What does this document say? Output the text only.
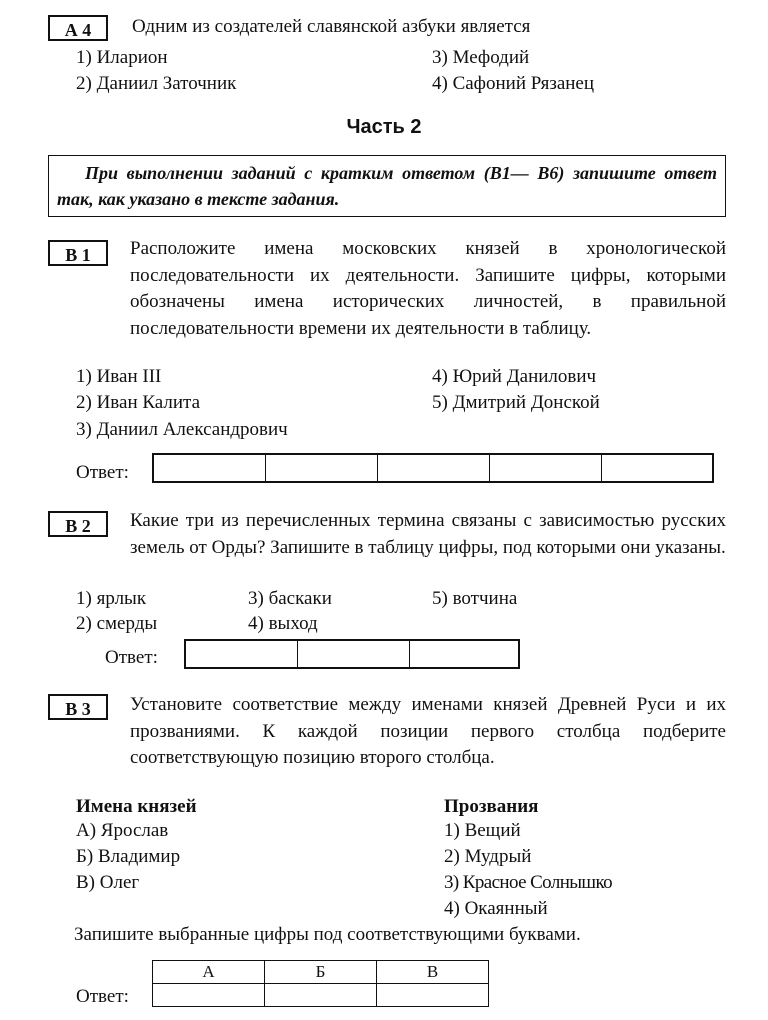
А 4	Одним из создателей славянской азбуки является
1) Иларион
2) Даниил Заточник
3) Мефодий
4) Сафоний Рязанец
Часть 2
При выполнении заданий с кратким ответом (В1— В6) запишите ответ так, как указано в тексте задания.
В 1	Расположите имена московских князей в хронологической последовательности их деятельности. Запишите цифры, которыми обозначены имена исторических личностей, в правильной последовательности времени их деятельности в таблицу.
1) Иван III
2) Иван Калита
3) Даниил Александрович
4) Юрий Данилович
5) Дмитрий Донской
Ответ:
В 2	Какие три из перечисленных термина связаны с зависимостью русских земель от Орды? Запишите в таблицу цифры, под которыми они указаны.
1) ярлык
2) смерды
3) баскаки
4) выход
5) вотчина
Ответ:
В 3	Установите соответствие между именами князей Древней Руси и их прозваниями. К каждой позиции первого столбца подберите соответствующую позицию второго столбца.
Имена князей
А) Ярослав
Б) Владимир
В) Олег
Прозвания
1) Вещий
2) Мудрый
3) Красное Солнышко
4) Окаянный
Запишите выбранные цифры под соответствующими буквами.
Ответ:
А	Б	В
